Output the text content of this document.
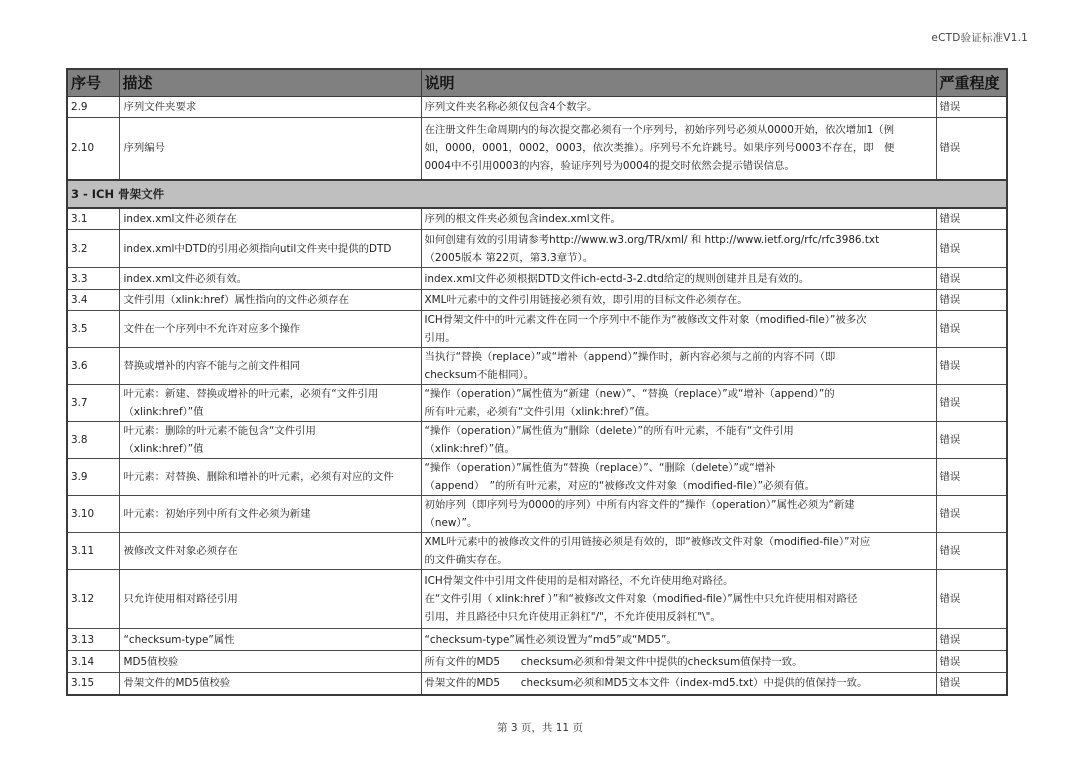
eCTD验证标准V1.1
序号	描述	说明	严重程度
2.9	序列文件夹要求	序列文件夹名称必须仅包含4个数字。	错误
2.10	序列编号	在注册文件生命周期内的每次提交都必须有一个序列号，初始序列号必须从0000开始，依次增加1（例
如，0000，0001，0002，0003，依次类推）。序列号不允许跳号。如果序列号0003不存在，即　便
0004中不引用0003的内容，验证序列号为0004的提交时依然会提示错误信息。	错误
3 - ICH 骨架文件			
3.1	index.xml文件必须存在	序列的根文件夹必须包含index.xml文件。	错误
3.2	index.xml中DTD的引用必须指向util文件夹中提供的DTD	如何创建有效的引用请参考http://www.w3.org/TR/xml/ 和 http://www.ietf.org/rfc/rfc3986.txt
（2005版本 第22页，第3.3章节）。	错误
3.3	index.xml文件必须有效。	index.xml文件必须根据DTD文件ich-ectd-3-2.dtd给定的规则创建并且是有效的。	错误
3.4	文件引用（xlink:href）属性指向的文件必须存在	XML叶元素中的文件引用链接必须有效，即引用的目标文件必须存在。	错误
3.5	文件在一个序列中不允许对应多个操作	ICH骨架文件中的叶元素文件在同一个序列中不能作为“被修改文件对象（modified-file）”被多次
引用。	错误
3.6	替换或增补的内容不能与之前文件相同	当执行“替换（replace）”或“增补（append）”操作时，新内容必须与之前的内容不同（即
checksum不能相同）。	错误
3.7	叶元素：新建、替换或增补的叶元素，必须有“文件引用
（xlink:href）”值	“操作（operation）”属性值为“新建（new）”、“替换（replace）”或“增补（append）”的
所有叶元素，必须有“文件引用（xlink:href）”值。	错误
3.8	叶元素：删除的叶元素不能包含“文件引用
（xlink:href）”值	“操作（operation）”属性值为“删除（delete）”的所有叶元素，不能有“文件引用
（xlink:href）”值。	错误
3.9	叶元素：对替换、删除和增补的叶元素，必须有对应的文件	“操作（operation）”属性值为“替换（replace）”、“删除（delete）”或“增补
（append）　”的所有叶元素，对应的“被修改文件对象（modified-file）”必须有值。	错误
3.10	叶元素：初始序列中所有文件必须为新建	初始序列（即序列号为0000的序列）中所有内容文件的“操作（operation）”属性必须为“新建
（new）”。	错误
3.11	被修改文件对象必须存在	XML叶元素中的被修改文件的引用链接必须是有效的，即“被修改文件对象（modified-file）”对应
的文件确实存在。	错误
3.12	只允许使用相对路径引用	ICH骨架文件中引用文件使用的是相对路径，不允许使用绝对路径。
在“文件引用（ xlink:href ）”和“被修改文件对象（modified-file）”属性中只允许使用相对路径
引用，并且路径中只允许使用正斜杠"/"，不允许使用反斜杠"\"。	错误
3.13	“checksum-type”属性	“checksum-type”属性必须设置为“md5”或“MD5”。	错误
3.14	MD5值校验	所有文件的MD5　　checksum必须和骨架文件中提供的checksum值保持一致。	错误
3.15	骨架文件的MD5值校验	骨架文件的MD5　　checksum必须和MD5文本文件（index-md5.txt）中提供的值保持一致。	错误
第 3 页，共 11 页
